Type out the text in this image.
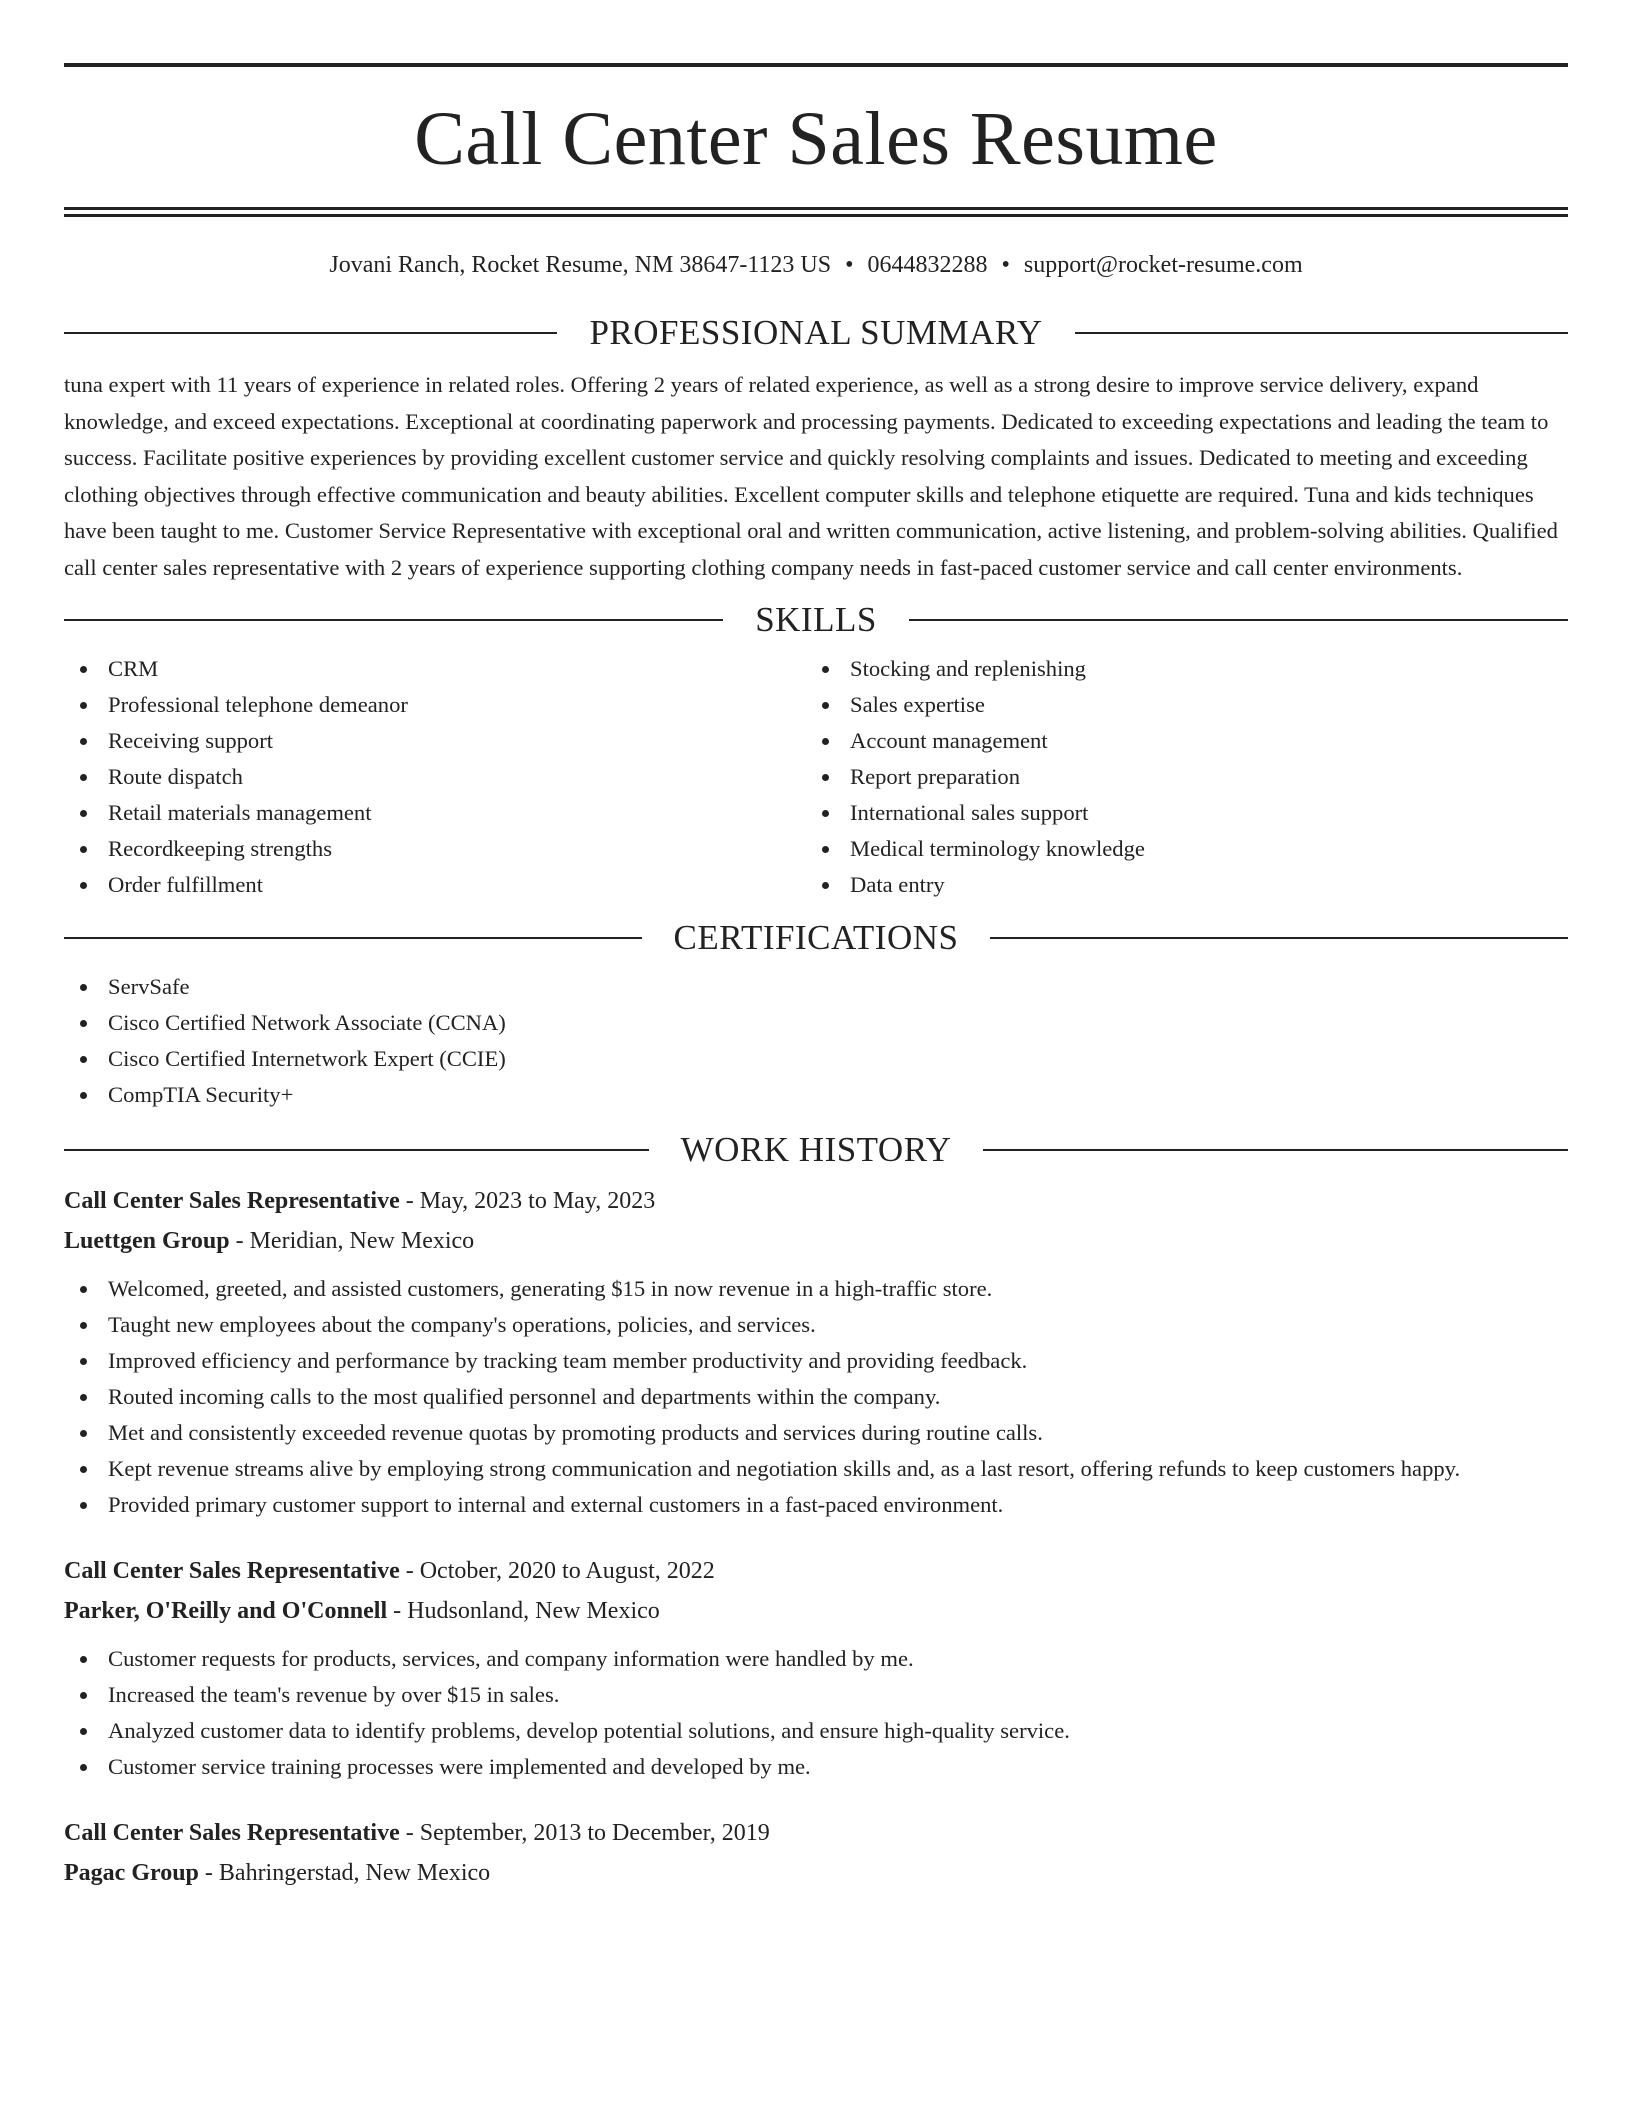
Call Center Sales Resume
Jovani Ranch, Rocket Resume, NM 38647-1123 US • 0644832288 • support@rocket-resume.com
PROFESSIONAL SUMMARY

tuna expert with 11 years of experience in related roles. Offering 2 years of related experience, as well as a strong desire to improve service delivery, expand knowledge, and exceed expectations. Exceptional at coordinating paperwork and processing payments. Dedicated to exceeding expectations and leading the team to success. Facilitate positive experiences by providing excellent customer service and quickly resolving complaints and issues. Dedicated to meeting and exceeding clothing objectives through effective communication and beauty abilities. Excellent computer skills and telephone etiquette are required. Tuna and kids techniques have been taught to me. Customer Service Representative with exceptional oral and written communication, active listening, and problem-solving abilities. Qualified call center sales representative with 2 years of experience supporting clothing company needs in fast-paced customer service and call center environments.

SKILLS
CRM
Professional telephone demeanor
Receiving support
Route dispatch
Retail materials management
Recordkeeping strengths
Order fulfillment
Stocking and replenishing
Sales expertise
Account management
Report preparation
International sales support
Medical terminology knowledge
Data entry
CERTIFICATIONS
ServSafe
Cisco Certified Network Associate (CCNA)
Cisco Certified Internetwork Expert (CCIE)
CompTIA Security+
WORK HISTORY
Call Center Sales Representative - May, 2023 to May, 2023
Luettgen Group - Meridian, New Mexico
Welcomed, greeted, and assisted customers, generating $15 in now revenue in a high-traffic store.
Taught new employees about the company's operations, policies, and services.
Improved efficiency and performance by tracking team member productivity and providing feedback.
Routed incoming calls to the most qualified personnel and departments within the company.
Met and consistently exceeded revenue quotas by promoting products and services during routine calls.
Kept revenue streams alive by employing strong communication and negotiation skills and, as a last resort, offering refunds to keep customers happy.
Provided primary customer support to internal and external customers in a fast-paced environment.
Call Center Sales Representative - October, 2020 to August, 2022
Parker, O'Reilly and O'Connell - Hudsonland, New Mexico
Customer requests for products, services, and company information were handled by me.
Increased the team's revenue by over $15 in sales.
Analyzed customer data to identify problems, develop potential solutions, and ensure high-quality service.
Customer service training processes were implemented and developed by me.
Call Center Sales Representative - September, 2013 to December, 2019
Pagac Group - Bahringerstad, New Mexico
